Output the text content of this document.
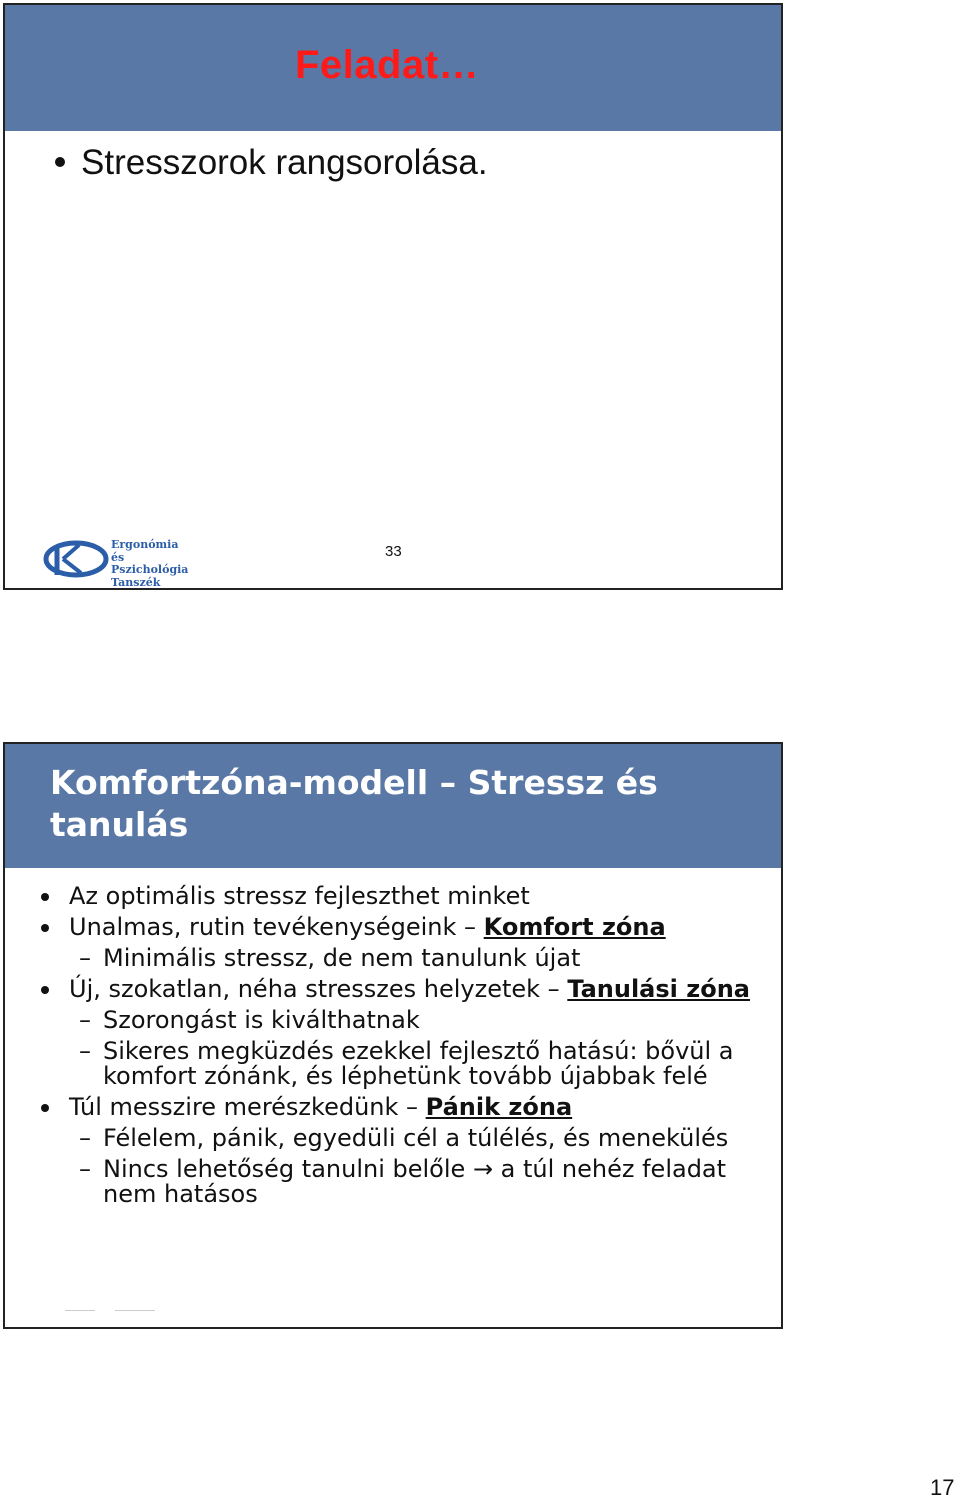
Feladat…

Stresszorok rangsorolása.

Ergonómia és
Pszichológia
Tanszék
33
Komfortzóna-modell – Stressz és tanulás

Az optimális stressz fejleszthet minket

Unalmas, rutin tevékenységeink – Komfort zóna

– Minimális stressz, de nem tanulunk újat

Új, szokatlan, néha stresszes helyzetek – Tanulási zóna

– Szorongást is kiválthatnak

– Sikeres megküzdés ezekkel fejlesztő hatású: bővül a komfort zónánk, és léphetünk tovább újabbak felé

Túl messzire merészkedünk – Pánik zóna

– Félelem, pánik, egyedüli cél a túlélés, és menekülés

– Nincs lehetőség tanulni belőle → a túl nehéz feladat nem hatásos

17
